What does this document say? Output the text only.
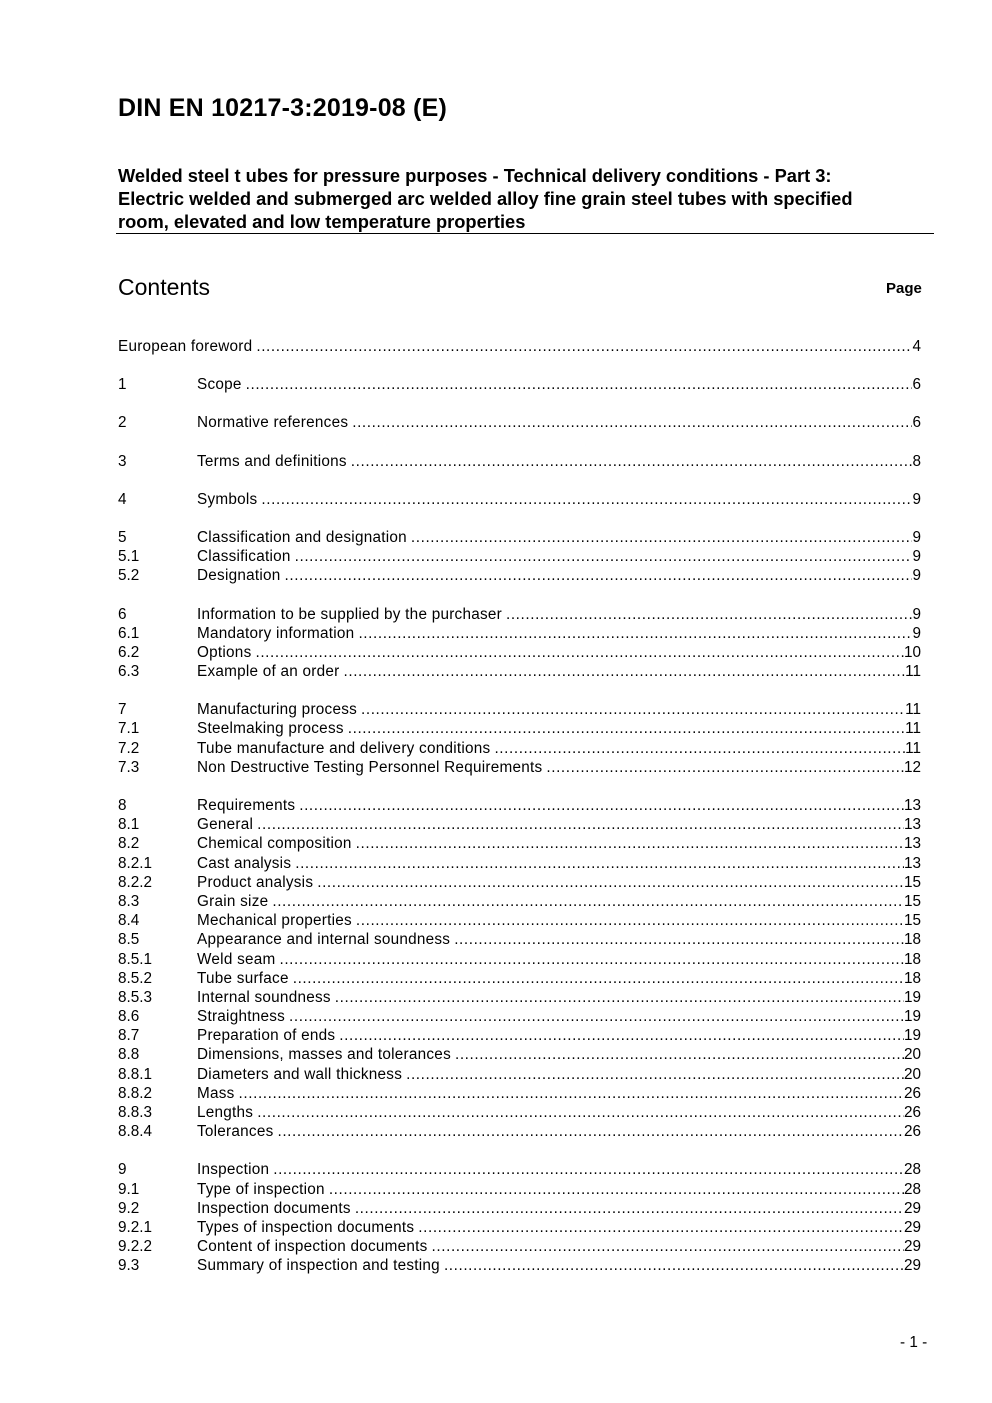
DIN EN 10217-3:2019-08 (E)
Welded steel t ubes for pressure purposes - Technical delivery conditions - Part 3:
Electric welded and submerged arc welded alloy fine grain steel tubes with specified
room, elevated and low temperature properties
Contents	Page
European foreword .....	4
1	Scope .....	6
2	Normative references .....	6
3	Terms and definitions .....	8
4	Symbols .....	9
5	Classification and designation .....	9
5.1	Classification .....	9
5.2	Designation .....	9
6	Information to be supplied by the purchaser .....	9
6.1	Mandatory information .....	9
6.2	Options .....	10
6.3	Example of an order .....	11
7	Manufacturing process .....	11
7.1	Steelmaking process .....	11
7.2	Tube manufacture and delivery conditions .....	11
7.3	Non Destructive Testing Personnel Requirements .....	12
8	Requirements .....	13
8.1	General .....	13
8.2	Chemical composition .....	13
8.2.1	Cast analysis .....	13
8.2.2	Product analysis .....	15
8.3	Grain size .....	15
8.4	Mechanical properties .....	15
8.5	Appearance and internal soundness .....	18
8.5.1	Weld seam .....	18
8.5.2	Tube surface .....	18
8.5.3	Internal soundness .....	19
8.6	Straightness .....	19
8.7	Preparation of ends .....	19
8.8	Dimensions, masses and tolerances .....	20
8.8.1	Diameters and wall thickness .....	20
8.8.2	Mass .....	26
8.8.3	Lengths .....	26
8.8.4	Tolerances .....	26
9	Inspection .....	28
9.1	Type of inspection .....	28
9.2	Inspection documents .....	29
9.2.1	Types of inspection documents .....	29
9.2.2	Content of inspection documents .....	29
9.3	Summary of inspection and testing .....	29
- 1 -
